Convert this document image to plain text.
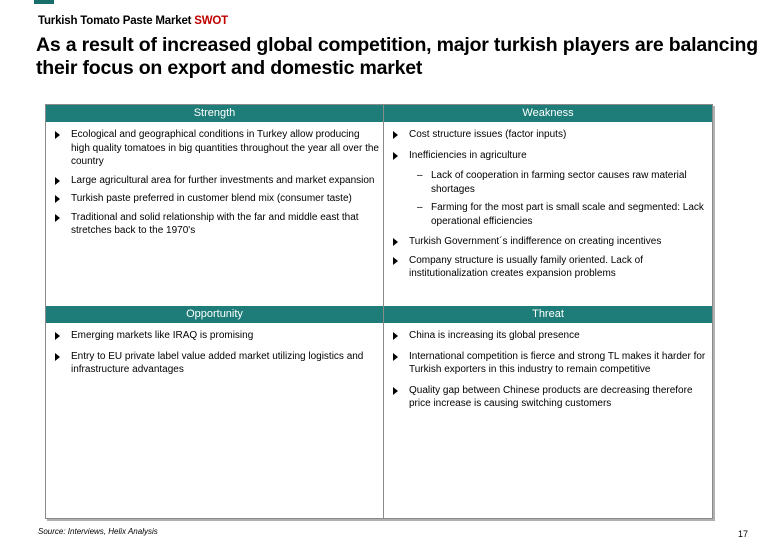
Turkish Tomato Paste Market SWOT
As a result of increased global competition, major turkish players are balancing their focus on export and domestic market
Strength
Ecological and geographical conditions in Turkey allow producing high quality tomatoes in big quantities throughout the year all over the country
Large agricultural area for further investments and market expansion
Turkish paste preferred in customer blend mix (consumer taste)
Traditional and solid relationship with the far and middle east that stretches back to the 1970's
Weakness
Cost structure issues (factor inputs)
Inefficiencies in agriculture
– Lack of cooperation in farming sector causes raw material shortages
– Farming for the most part is small scale and segmented: Lack operational efficiencies
Turkish Government´s indifference on creating incentives
Company structure is usually family oriented. Lack of institutionalization creates expansion problems
Opportunity
Emerging markets like IRAQ is promising
Entry to EU private label value added market utilizing logistics and infrastructure advantages
Threat
China is increasing its global presence
International competition is fierce and strong TL makes it harder for Turkish exporters in this industry to remain competitive
Quality gap between Chinese products are decreasing therefore price increase is causing switching customers
Source: Interviews, Helix Analysis	17
